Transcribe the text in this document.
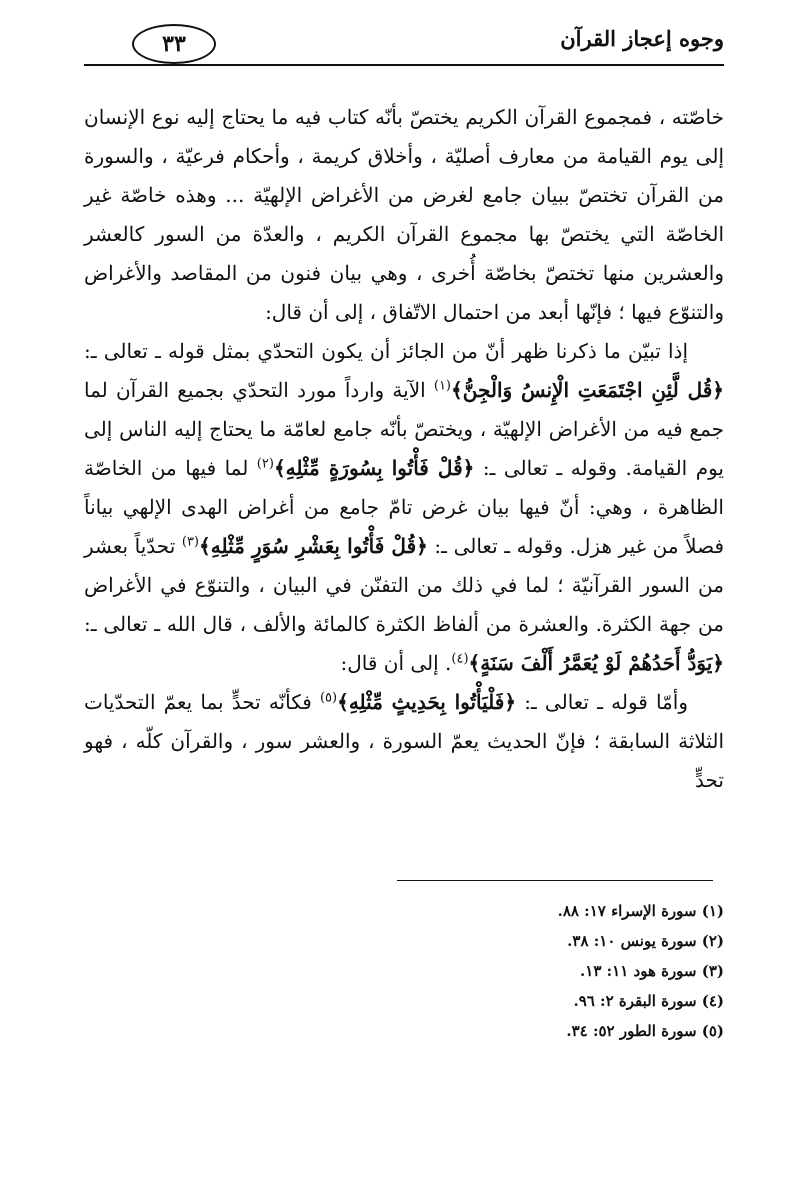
وجوه إعجاز القرآن
٣٣

خاصّته ، فمجموع القرآن الكريم يختصّ بأنّه كتاب فيه ما يحتاج إليه نوع الإنسان إلى يوم القيامة من معارف أصليّة ، وأخلاق كريمة ، وأحكام فرعيّة ، والسورة من القرآن تختصّ ببيان جامع لغرض من الأغراض الإلهيّة ... وهذه خاصّة غير الخاصّة التي يختصّ بها مجموع القرآن الكريم ، والعدّة من السور كالعشر والعشرين منها تختصّ بخاصّة أُخرى ، وهي بيان فنون من المقاصد والأغراض والتنوّع فيها ؛ فإنّها أبعد من احتمال الاتّفاق ، إلى أن قال:

إذا تبيّن ما ذكرنا ظهر أنّ من الجائز أن يكون التحدّي بمثل قوله ـ تعالى ـ: ﴿قُل لَّئِنِ اجْتَمَعَتِ الْإِنسُ وَالْجِنُّ﴾$^{(١)}$ الآية وارداً مورد التحدّي بجميع القرآن لما جمع فيه من الأغراض الإلهيّة ، ويختصّ بأنّه جامع لعامّة ما يحتاج إليه الناس إلى يوم القيامة. وقوله ـ تعالى ـ: ﴿قُلْ فَأْتُوا بِسُورَةٍ مِّثْلِهِ﴾$^{(٢)}$ لما فيها من الخاصّة الظاهرة ، وهي: أنّ فيها بيان غرض تامّ جامع من أغراض الهدى الإلهي بياناً فصلاً من غير هزل. وقوله ـ تعالى ـ: ﴿قُلْ فَأْتُوا بِعَشْرِ سُوَرٍ مِّثْلِهِ﴾$^{(٣)}$ تحدّياً بعشر من السور القرآنيّة ؛ لما في ذلك من التفنّن في البيان ، والتنوّع في الأغراض من جهة الكثرة. والعشرة من ألفاظ الكثرة كالمائة والألف ، قال الله ـ تعالى ـ: ﴿يَوَدُّ أَحَدُهُمْ لَوْ يُعَمَّرُ أَلْفَ سَنَةٍ﴾$^{(٤)}$. إلى أن قال:

وأمّا قوله ـ تعالى ـ: ﴿فَلْيَأْتُوا بِحَدِيثٍ مِّثْلِهِ﴾$^{(٥)}$ فكأنّه تحدٍّ بما يعمّ التحدّيات الثلاثة السابقة ؛ فإنّ الحديث يعمّ السورة ، والعشر سور ، والقرآن كلّه ، فهو تحدٍّ

(١) سورة الإسراء ١٧: ٨٨.
(٢) سورة يونس ١٠: ٣٨.
(٣) سورة هود ١١: ١٣.
(٤) سورة البقرة ٢: ٩٦.
(٥) سورة الطور ٥٢: ٣٤.
